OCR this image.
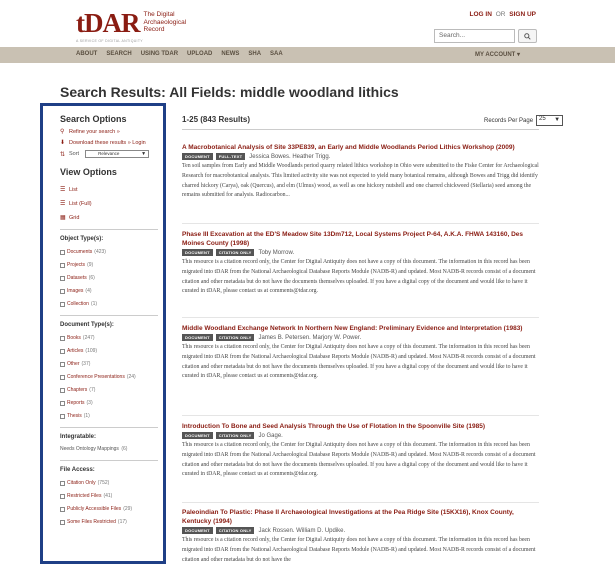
tDAR The Digital Archaeological Record
A SERVICE OF DIGITAL ANTIQUITY
LOG IN OR SIGN UP
Search...
ABOUT SEARCH USING TDAR UPLOAD NEWS SHA SAA	MY ACCOUNT ▾
Search Results: All Fields: middle woodland lithics
Search Options
⚲ Refine your search »
⬇ Download these results » Login
⇅ Sort	Relevance ▼
View Options
☰ List
☰ List (Full)
▦ Grid
Object Type(s):
Documents (423)
Projects (9)
Datasets (6)
Images (4)
Collection (1)
Document Type(s):
Books (247)
Articles (109)
Other (37)
Conference Presentations (24)
Chapters (7)
Reports (3)
Thesis (1)
Integratable:
Needs Ontology Mappings (6)
File Access:
Citation Only (752)
Restricted Files (41)
Publicly Accessible Files (29)
Some Files Restricted (17)
1-25 (843 Results)	Records Per Page	25 ▼
A Macrobotanical Analysis of Site 33PE839, an Early and Middle Woodlands Period Lithics Workshop (2009)
DOCUMENT	FULL-TEXT	Jessica Bowes. Heather Trigg.
Ten soil samples from Early and Middle Woodlands period quarry related lithics workshop in Ohio were submitted to the Fiske Center for Archaeological Research for macrobotanical analysis. This limited activity site was not expected to yield many botanical remains, although Bowes and Trigg did identify charred hickory (Carya), oak (Quercus), and elm (Ulmus) wood, as well as one hickory nutshell and one charred chickweed (Stellaria) seed among the remains submitted for analysis. Radiocarbon...
Phase III Excavation at the ED'S Meadow Site 13Dm712, Local Systems Project P-64, A.K.A. FHWA 143160, Des Moines County (1998)
DOCUMENT	CITATION ONLY	Toby Morrow.
This resource is a citation record only, the Center for Digital Antiquity does not have a copy of this document. The information in this record has been migrated into tDAR from the National Archaeological Database Reports Module (NADB-R) and updated. Most NADB-R records consist of a document citation and other metadata but do not have the documents themselves uploaded. If you have a digital copy of the document and would like to have it curated in tDAR, please contact us at comments@tdar.org.
Middle Woodland Exchange Network In Northern New England: Preliminary Evidence and Interpretation (1983)
DOCUMENT	CITATION ONLY	James B. Petersen. Marjory W. Power.
This resource is a citation record only, the Center for Digital Antiquity does not have a copy of this document. The information in this record has been migrated into tDAR from the National Archaeological Database Reports Module (NADB-R) and updated. Most NADB-R records consist of a document citation and other metadata but do not have the documents themselves uploaded. If you have a digital copy of the document and would like to have it curated in tDAR, please contact us at comments@tdar.org.
Introduction To Bone and Seed Analysis Through the Use of Flotation In the Spoonville Site (1985)
DOCUMENT	CITATION ONLY	Jo Gage.
This resource is a citation record only, the Center for Digital Antiquity does not have a copy of this document. The information in this record has been migrated into tDAR from the National Archaeological Database Reports Module (NADB-R) and updated. Most NADB-R records consist of a document citation and other metadata but do not have the documents themselves uploaded. If you have a digital copy of the document and would like to have it curated in tDAR, please contact us at comments@tdar.org.
Paleoindian To Plastic: Phase II Archaeological Investigations at the Pea Ridge Site (15KX16), Knox County, Kentucky (1994)
DOCUMENT	CITATION ONLY	Jack Rossen. William D. Updike.
This resource is a citation record only, the Center for Digital Antiquity does not have a copy of this document. The information in this record has been migrated into tDAR from the National Archaeological Database Reports Module (NADB-R) and updated. Most NADB-R records consist of a document citation and other metadata but do not have the
